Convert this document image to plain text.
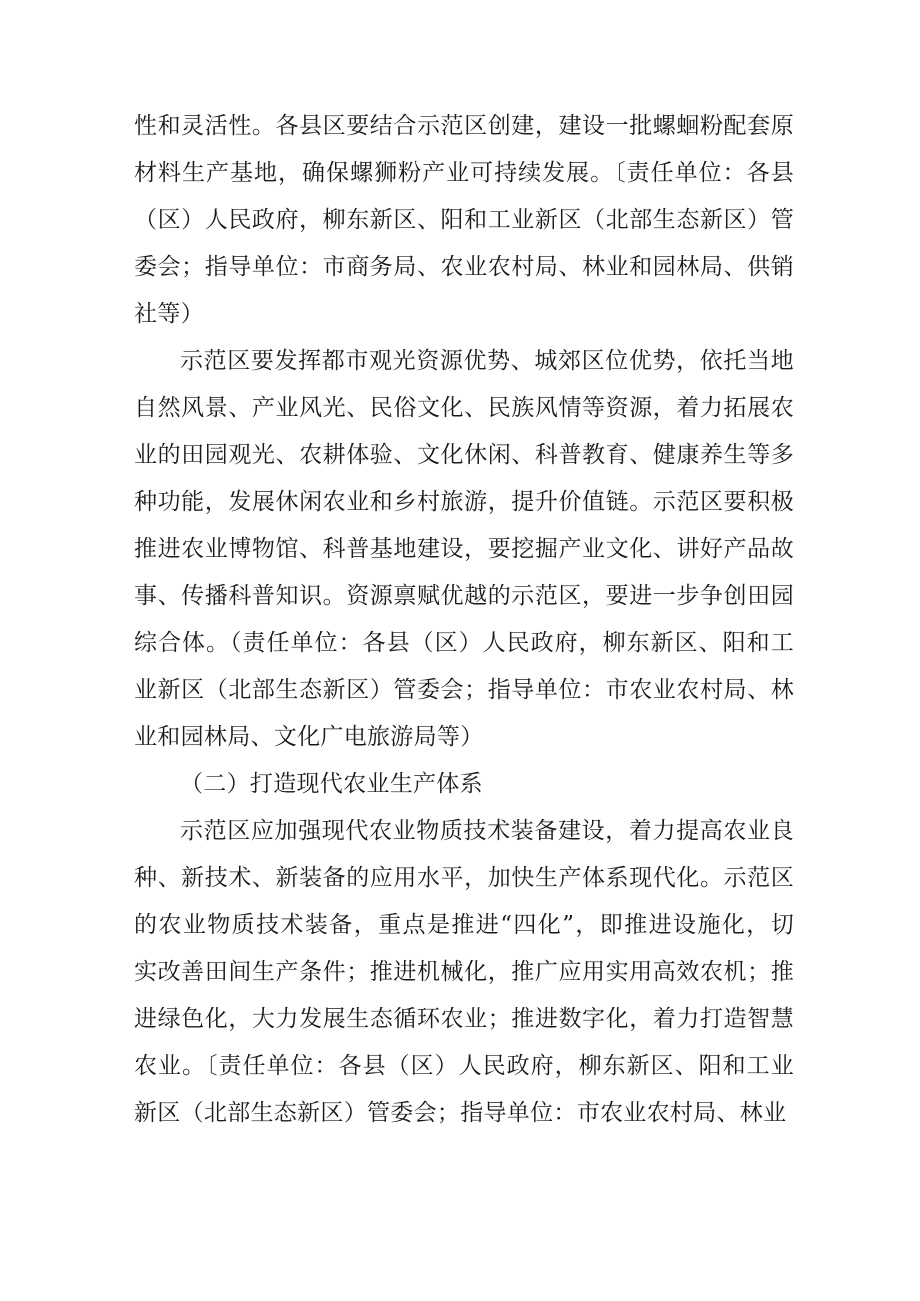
性和灵活性。各县区要结合示范区创建，建设一批螺蛔粉配套原
材料生产基地，确保螺狮粉产业可持续发展。〔责任单位：各县
（区）人民政府，柳东新区、阳和工业新区（北部生态新区）管
委会；指导单位：市商务局、农业农村局、林业和园林局、供销
社等）
示范区要发挥都市观光资源优势、城郊区位优势，依托当地
自然风景、产业风光、民俗文化、民族风情等资源，着力拓展农
业的田园观光、农耕体验、文化休闲、科普教育、健康养生等多
种功能，发展休闲农业和乡村旅游，提升价值链。示范区要积极
推进农业博物馆、科普基地建设，要挖掘产业文化、讲好产品故
事、传播科普知识。资源禀赋优越的示范区，要进一步争创田园
综合体。（责任单位：各县（区）人民政府，柳东新区、阳和工
业新区（北部生态新区）管委会；指导单位：市农业农村局、林
业和园林局、文化广电旅游局等）
（二）打造现代农业生产体系
示范区应加强现代农业物质技术装备建设，着力提高农业良
种、新技术、新装备的应用水平，加快生产体系现代化。示范区
的农业物质技术装备，重点是推进“四化”，即推进设施化，切
实改善田间生产条件；推进机械化，推广应用实用高效农机；推
进绿色化，大力发展生态循环农业；推进数字化，着力打造智慧
农业。〔责任单位：各县（区）人民政府，柳东新区、阳和工业
新区（北部生态新区）管委会；指导单位：市农业农村局、林业
